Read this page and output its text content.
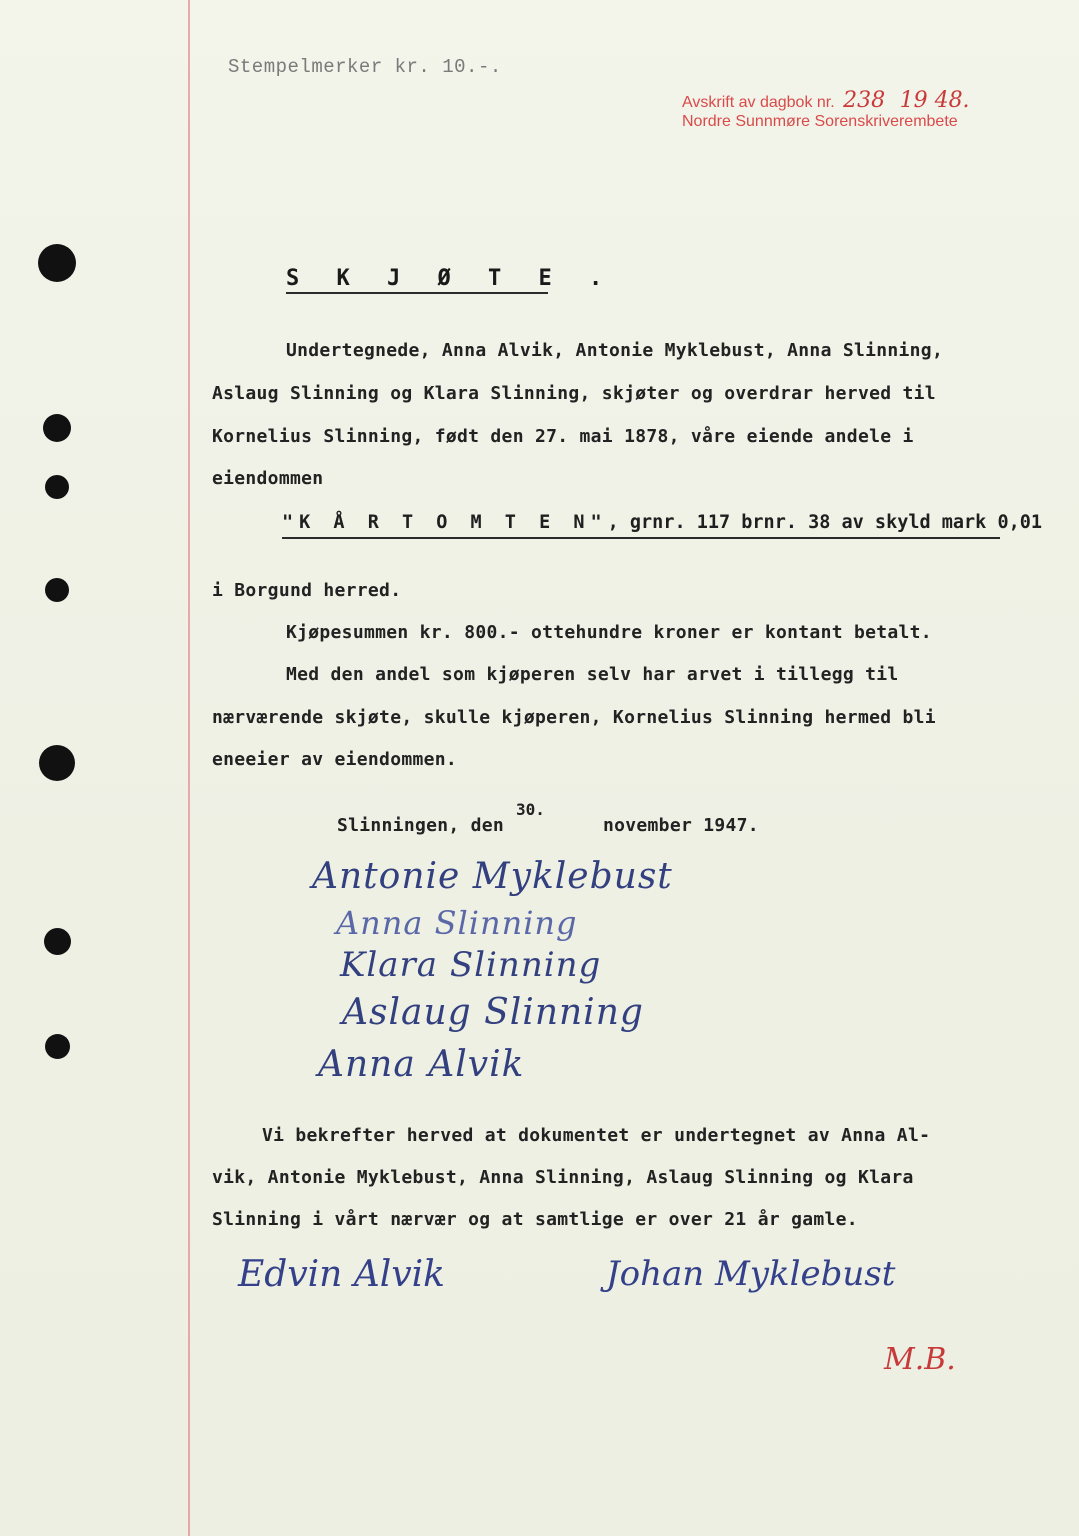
Stempelmerker kr. 10.-.
Avskrift av dagbok nr. 238 19 48.
Nordre Sunnmøre Sorenskriverembete
S K J Ø T E .
Undertegnede, Anna Alvik, Antonie Myklebust, Anna Slinning,
Aslaug Slinning og Klara Slinning, skjøter og overdrar herved til
Kornelius Slinning, født den 27. mai 1878, våre eiende andele i
eiendommen
"K Å R T O M T E N", grnr. 117 brnr. 38 av skyld mark 0,01
i Borgund herred.
Kjøpesummen kr. 800.- ottehundre kroner er kontant betalt.
Med den andel som kjøperen selv har arvet i tillegg til
nærværende skjøte, skulle kjøperen, Kornelius Slinning hermed bli
eneeier av eiendommen.
Slinningen, den
30.
november 1947.
Antonie Myklebust
Anna Slinning
Klara Slinning
Aslaug Slinning
Anna Alvik
Vi bekrefter herved at dokumentet er undertegnet av Anna Al-
vik, Antonie Myklebust, Anna Slinning, Aslaug Slinning og Klara
Slinning i vårt nærvær og at samtlige er over 21 år gamle.
Edvin Alvik	Johan Myklebust
M.B.
